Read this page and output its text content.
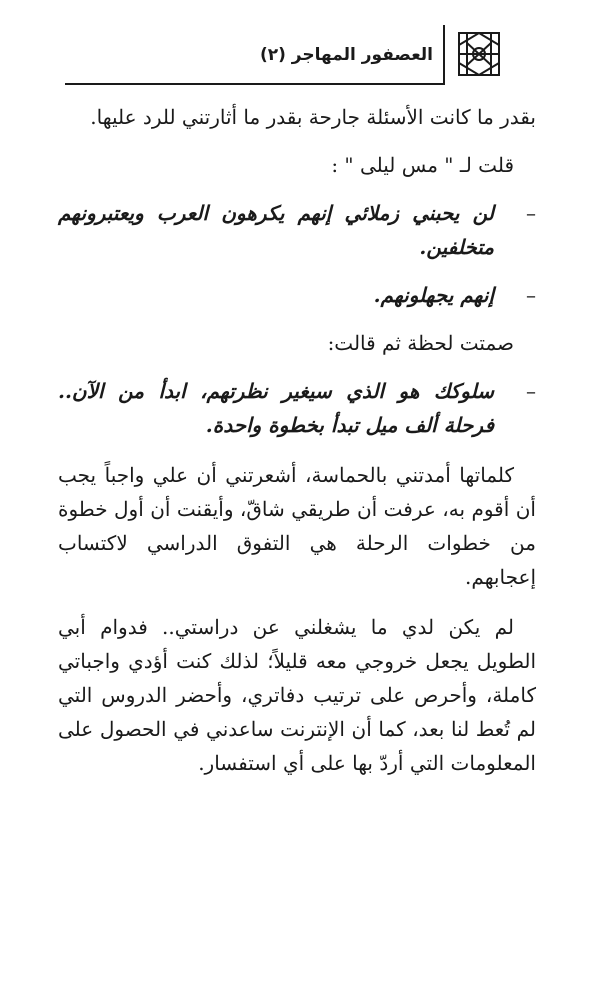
العصفور المهاجر (٢)

بقدر ما كانت الأسئلة جارحة بقدر ما أثارتني للرد عليها.

قلت لـ " مس ليلى " :

–
لن يحبني زملائي إنهم يكرهون العرب ويعتبرونهم متخلفين.

–
إنهم يجهلونهم.

صمتت لحظة ثم قالت:

–
سلوكك هو الذي سيغير نظرتهم، ابدأ من الآن.. فرحلة ألف ميل تبدأ بخطوة واحدة.

كلماتها أمدتني بالحماسة، أشعرتني أن علي واجباً يجب أن أقوم به، عرفت أن طريقي شاقّ، وأيقنت أن أول خطوة من خطوات الرحلة هي التفوق الدراسي لاكتساب إعجابهم.

لم يكن لدي ما يشغلني عن دراستي.. فدوام أبي الطويل يجعل خروجي معه قليلاً؛ لذلك كنت أؤدي واجباتي كاملة، وأحرص على ترتيب دفاتري، وأحضر الدروس التي لم تُعط لنا بعد، كما أن الإنترنت ساعدني في الحصول على المعلومات التي أردّ بها على أي استفسار.
